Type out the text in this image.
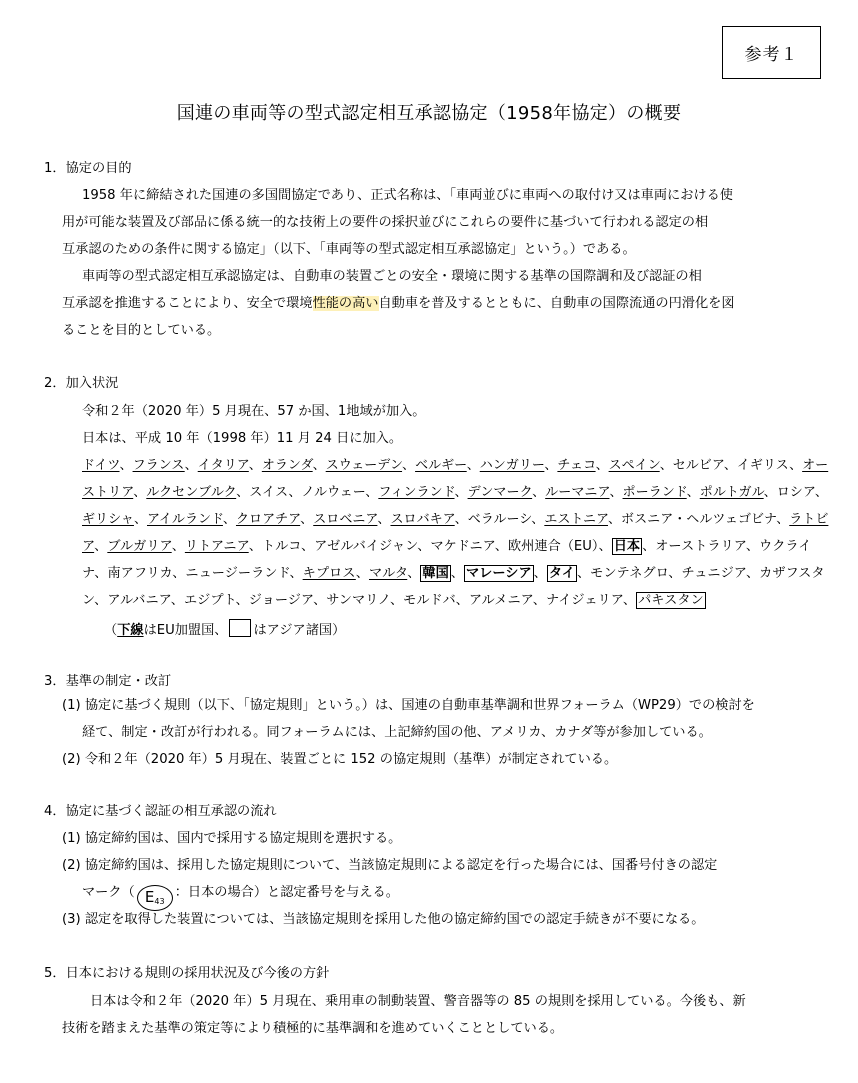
参考１
国連の車両等の型式認定相互承認協定（1958年協定）の概要
1．協定の目的
1958 年に締結された国連の多国間協定であり、正式名称は、「車両並びに車両への取付け又は車両における使
用が可能な装置及び部品に係る統一的な技術上の要件の採択並びにこれらの要件に基づいて行われる認定の相
互承認のための条件に関する協定」（以下、「車両等の型式認定相互承認協定」という。）である。
車両等の型式認定相互承認協定は、自動車の装置ごとの安全・環境に関する基準の国際調和及び認証の相
互承認を推進することにより、安全で環境性能の高い自動車を普及するとともに、自動車の国際流通の円滑化を図
ることを目的としている。
2．加入状況
令和２年（2020 年）5 月現在、57 か国、1地域が加入。
日本は、平成 10 年（1998 年）11 月 24 日に加入。
ドイツ、フランス、イタリア、オランダ、スウェーデン、ベルギー、ハンガリー、チェコ、スペイン、セルビア、イギリス、オー
ストリア、ルクセンブルク、スイス、ノルウェー、フィンランド、デンマーク、ルーマニア、ポーランド、ポルトガル、ロシア、
ギリシャ、アイルランド、クロアチア、スロベニア、スロバキア、ベラルーシ、エストニア、ボスニア・ヘルツェゴビナ、ラトビ
ア、ブルガリア、リトアニア、トルコ、アゼルバイジャン、マケドニア、欧州連合（EU）、 日本 、オーストラリア、ウクライ
ナ、南アフリカ、ニュージーランド、キプロス、マルタ、 韓国 、 マレーシア 、 タイ 、モンテネグロ、チュニジア、カザフスタ
ン、アルバニア、エジプト、ジョージア、サンマリノ、モルドバ、アルメニア、ナイジェリア、 パキスタン
（下線はEU加盟国、 はアジア諸国）
3．基準の制定・改訂
(1) 協定に基づく規則（以下、「協定規則」という。）は、国連の自動車基準調和世界フォーラム（WP29）での検討を
経て、制定・改訂が行われる。同フォーラムには、上記締約国の他、アメリカ、カナダ等が参加している。
(2) 令和２年（2020 年）5 月現在、装置ごとに 152 の協定規則（基準）が制定されている。
4．協定に基づく認証の相互承認の流れ
(1) 協定締約国は、国内で採用する協定規則を選択する。
(2) 協定締約国は、採用した協定規則について、当該協定規則による認定を行った場合には、国番号付きの認定
マーク（ $E_{43}$：日本の場合）と認定番号を与える。
(3) 認定を取得した装置については、当該協定規則を採用した他の協定締約国での認定手続きが不要になる。
5．日本における規則の採用状況及び今後の方針
日本は令和２年（2020 年）5 月現在、乗用車の制動装置、警音器等の 85 の規則を採用している。今後も、新
技術を踏まえた基準の策定等により積極的に基準調和を進めていくこととしている。
